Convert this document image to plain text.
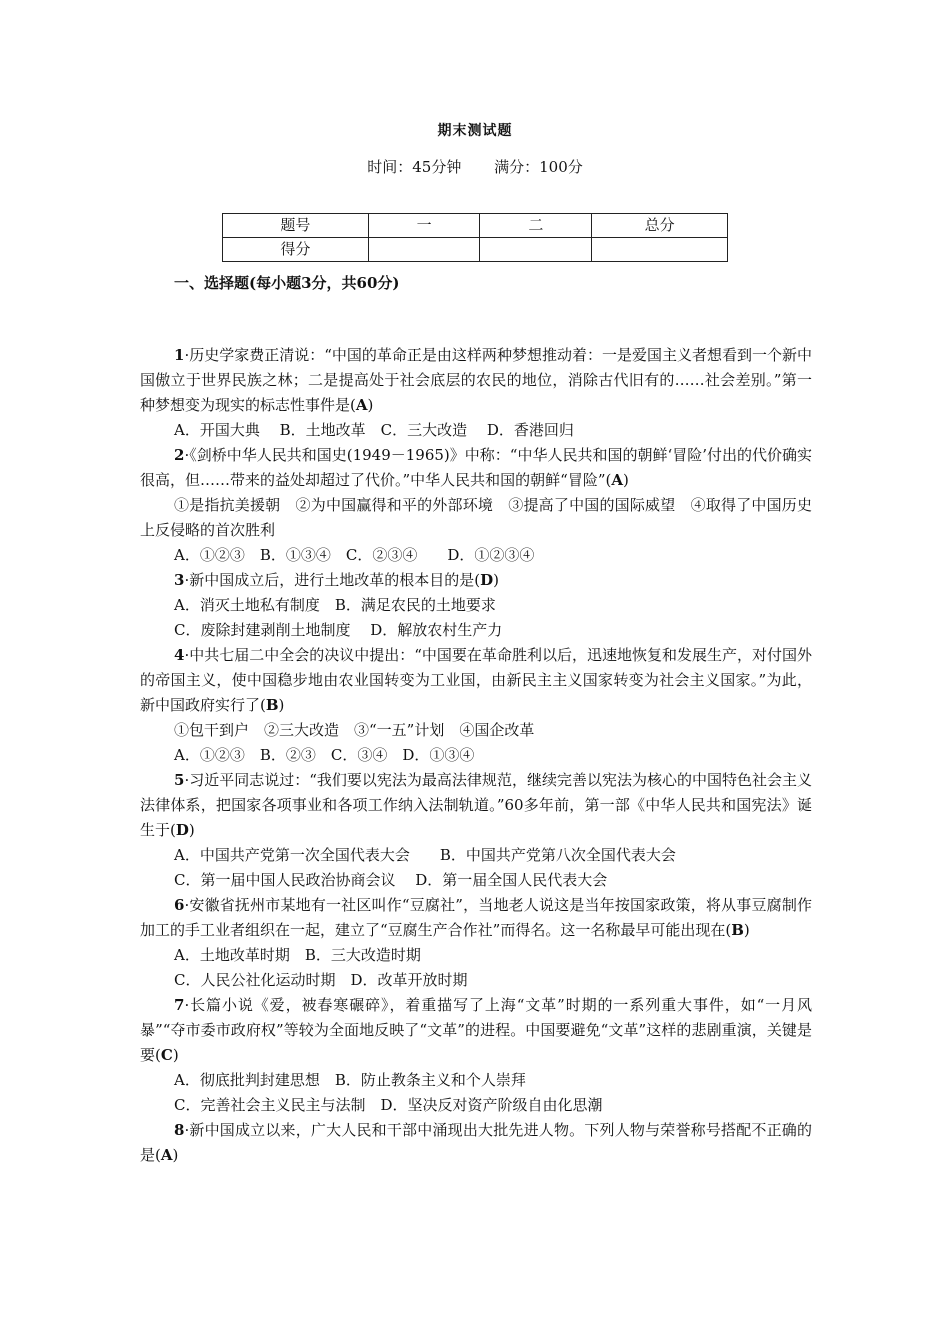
期末测试题
时间：45分钟 满分：100分
题号	一	二	总分
得分			
一、选择题(每小题3分，共60分)

1·历史学家费正清说：“中国的革命正是由这样两种梦想推动着：一是爱国主义者想看到一个新中国傲立于世界民族之林；二是提高处于社会底层的农民的地位，消除古代旧有的……社会差别。”第一种梦想变为现实的标志性事件是(A)

A．开国大典　 B．土地改革　C．三大改造　 D．香港回归

2·《剑桥中华人民共和国史(1949－1965)》中称：“中华人民共和国的朝鲜‘冒险’付出的代价确实很高，但……带来的益处却超过了代价。”中华人民共和国的朝鲜“冒险”(A)

①是指抗美援朝　②为中国赢得和平的外部环境　③提高了中国的国际威望　④取得了中国历史上反侵略的首次胜利

A．①②③　B．①③④　C．②③④　　D．①②③④

3·新中国成立后，进行土地改革的根本目的是(D)

A．消灭土地私有制度　B．满足农民的土地要求

C．废除封建剥削土地制度　 D．解放农村生产力

4·中共七届二中全会的决议中提出：“中国要在革命胜利以后，迅速地恢复和发展生产，对付国外的帝国主义，使中国稳步地由农业国转变为工业国，由新民主主义国家转变为社会主义国家。”为此，新中国政府实行了(B)

①包干到户　②三大改造　③“一五”计划　④国企改革

A．①②③　B．②③　C．③④　D．①③④

5·习近平同志说过：“我们要以宪法为最高法律规范，继续完善以宪法为核心的中国特色社会主义法律体系，把国家各项事业和各项工作纳入法制轨道。”60多年前，第一部《中华人民共和国宪法》诞生于(D)

A．中国共产党第一次全国代表大会　　B．中国共产党第八次全国代表大会

C．第一届中国人民政治协商会议　 D．第一届全国人民代表大会

6·安徽省抚州市某地有一社区叫作“豆腐社”，当地老人说这是当年按国家政策，将从事豆腐制作加工的手工业者组织在一起，建立了“豆腐生产合作社”而得名。这一名称最早可能出现在(B)

A．土地改革时期　B．三大改造时期

C．人民公社化运动时期　D．改革开放时期

7·长篇小说《爱，被春寒碾碎》，着重描写了上海“文革”时期的一系列重大事件，如“一月风暴”“夺市委市政府权”等较为全面地反映了“文革”的进程。中国要避免“文革”这样的悲剧重演，关键是要(C)

A．彻底批判封建思想　B．防止教条主义和个人崇拜

C．完善社会主义民主与法制　D．坚决反对资产阶级自由化思潮

8·新中国成立以来，广大人民和干部中涌现出大批先进人物。下列人物与荣誉称号搭配不正确的是(A)
